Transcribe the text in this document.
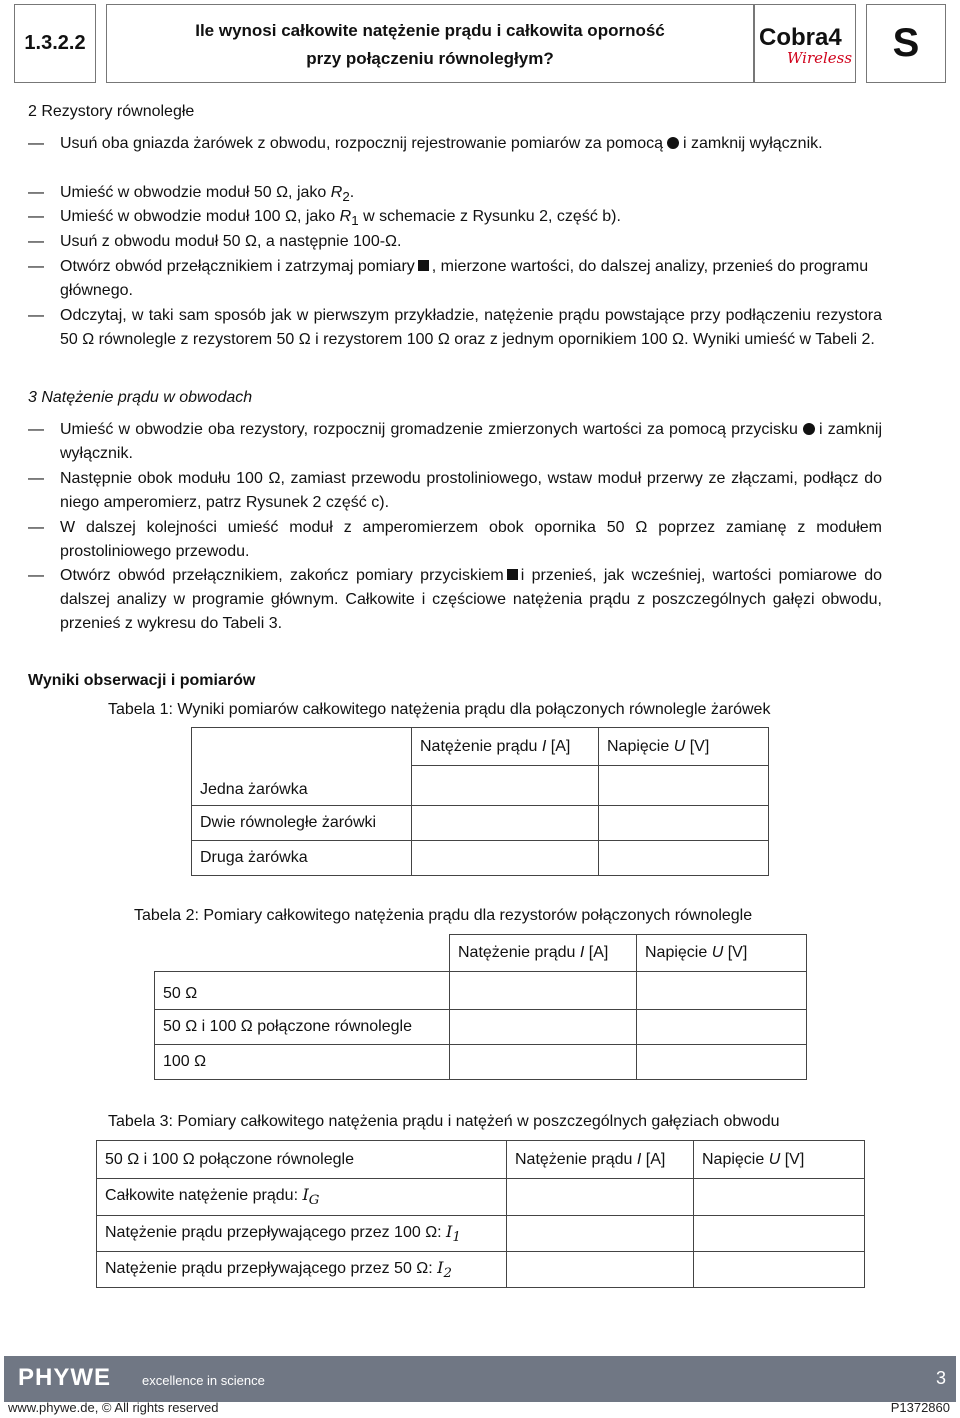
1.3.2.2
Ile wynosi całkowite natężenie prądu i całkowita oporność
przy połączeniu równoległym?
Cobra4
Wireless	S
2 Rezystory równoległe
— Usuń oba gniazda żarówek z obwodu, rozpocznij rejestrowanie pomiarów za pomocą i zamknij wyłącznik.
— Umieść w obwodzie moduł 50 Ω, jako $R_2$.
— Umieść w obwodzie moduł 100 Ω, jako $R_1$ w schemacie z Rysunku 2, część b).
— Usuń z obwodu moduł 50 Ω, a następnie 100-Ω.
— Otwórz obwód przełącznikiem i zatrzymaj pomiary , mierzone wartości, do dalszej analizy, przenieś do programu głównego.
— Odczytaj, w taki sam sposób jak w pierwszym przykładzie, natężenie prądu powstające przy podłączeniu rezystora 50 Ω równolegle z rezystorem 50 Ω i rezystorem 100 Ω oraz z jednym opornikiem 100 Ω. Wyniki umieść w Tabeli 2.
3 Natężenie prądu w obwodach
— Umieść w obwodzie oba rezystory, rozpocznij gromadzenie zmierzonych wartości za pomocą przycisku i zamknij wyłącznik.
— Następnie obok modułu 100 Ω, zamiast przewodu prostoliniowego, wstaw moduł przerwy ze złączami, podłącz do niego amperomierz, patrz Rysunek 2 część c).
— W dalszej kolejności umieść moduł z amperomierzem obok opornika 50 Ω poprzez zamianę z modułem prostoliniowego przewodu.
— Otwórz obwód przełącznikiem, zakończ pomiary przyciskiem i przenieś, jak wcześniej, wartości pomiarowe do dalszej analizy w programie głównym. Całkowite i częściowe natężenia prądu z poszczególnych gałęzi obwodu, przenieś z wykresu do Tabeli 3.
Wyniki obserwacji i pomiarów
Tabela 1: Wyniki pomiarów całkowitego natężenia prądu dla połączonych równolegle żarówek
	Natężenie prądu I [A]	Napięcie U [V]
Jedna żarówka		
Dwie równoległe żarówki		
Druga żarówka		
Tabela 2: Pomiary całkowitego natężenia prądu dla rezystorów połączonych równolegle
	Natężenie prądu I [A]	Napięcie U [V]
50 Ω		
50 Ω i 100 Ω połączone równolegle		
100 Ω		
Tabela 3: Pomiary całkowitego natężenia prądu i natężeń w poszczególnych gałęziach obwodu
50 Ω i 100 Ω połączone równolegle	Natężenie prądu I [A]	Napięcie U [V]
Całkowite natężenie prądu: $I_G$		
Natężenie prądu przepływającego przez 100 Ω: $I_1$		
Natężenie prądu przepływającego przez 50 Ω: $I_2$		
PHYWE excellence in science	3
www.phywe.de, © All rights reserved	P1372860
